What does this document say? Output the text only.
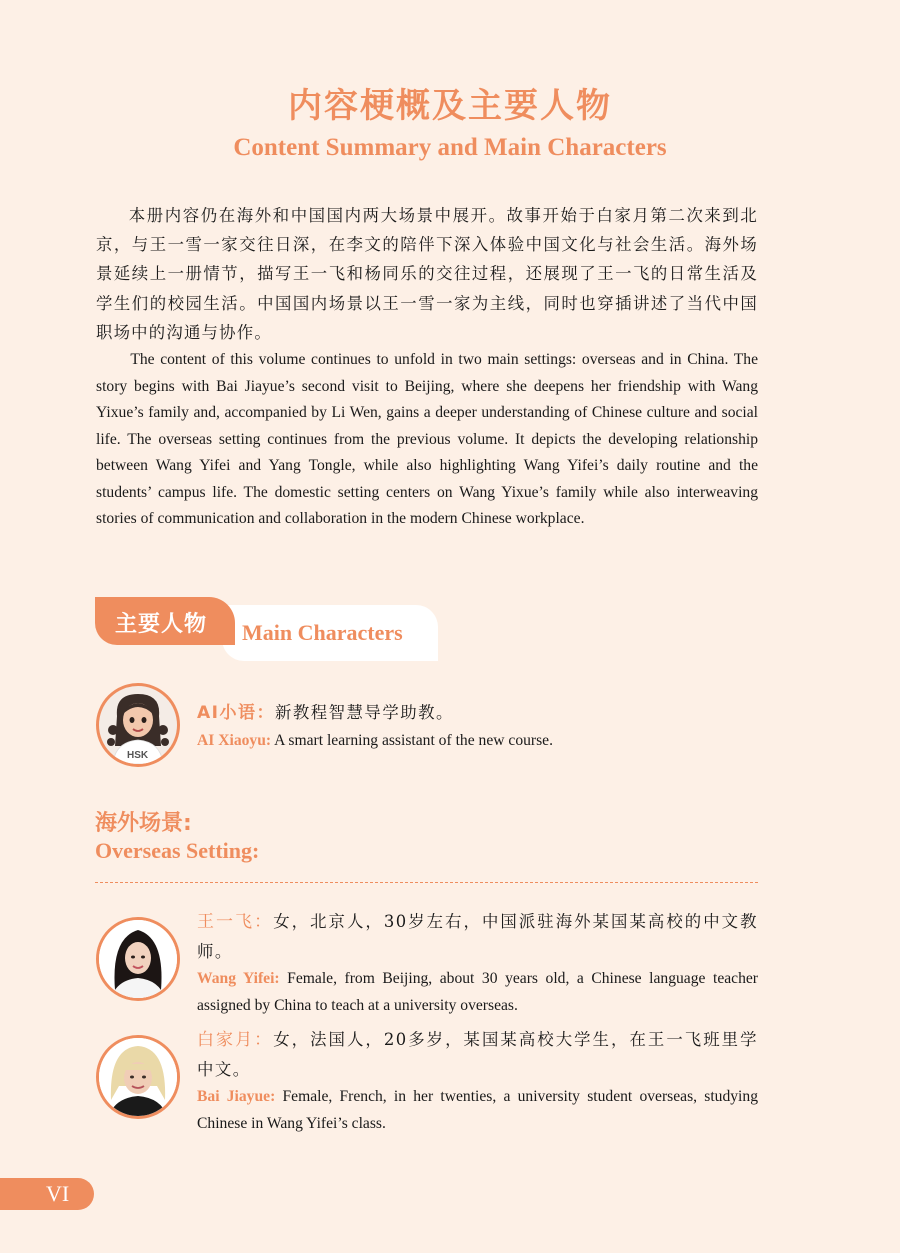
内容梗概及主要人物
Content Summary and Main Characters

本册内容仍在海外和中国国内两大场景中展开。故事开始于白家月第二次来到北京，与王一雪一家交往日深，在李文的陪伴下深入体验中国文化与社会生活。海外场景延续上一册情节，描写王一飞和杨同乐的交往过程，还展现了王一飞的日常生活及学生们的校园生活。中国国内场景以王一雪一家为主线，同时也穿插讲述了当代中国职场中的沟通与协作。

The content of this volume continues to unfold in two main settings: overseas and in China. The story begins with Bai Jiayue’s second visit to Beijing, where she deepens her friendship with Wang Yixue’s family and, accompanied by Li Wen, gains a deeper understanding of Chinese culture and social life. The overseas setting continues from the previous volume. It depicts the developing relationship between Wang Yifei and Yang Tongle, while also highlighting Wang Yifei’s daily routine and the students’ campus life. The domestic setting centers on Wang Yixue’s family while also interweaving stories of communication and collaboration in the modern Chinese workplace.

主要人物 Main Characters
HSK

AI小语：新教程智慧导学助教。

AI Xiaoyu: A smart learning assistant of the new course.

海外场景:
Overseas Setting:

王一飞：女，北京人，30岁左右，中国派驻海外某国某高校的中文教师。

Wang Yifei: Female, from Beijing, about 30 years old, a Chinese language teacher assigned by China to teach at a university overseas.

白家月：女，法国人，20多岁，某国某高校大学生，在王一飞班里学中文。

Bai Jiayue: Female, French, in her twenties, a university student overseas, studying Chinese in Wang Yifei’s class.

VI
